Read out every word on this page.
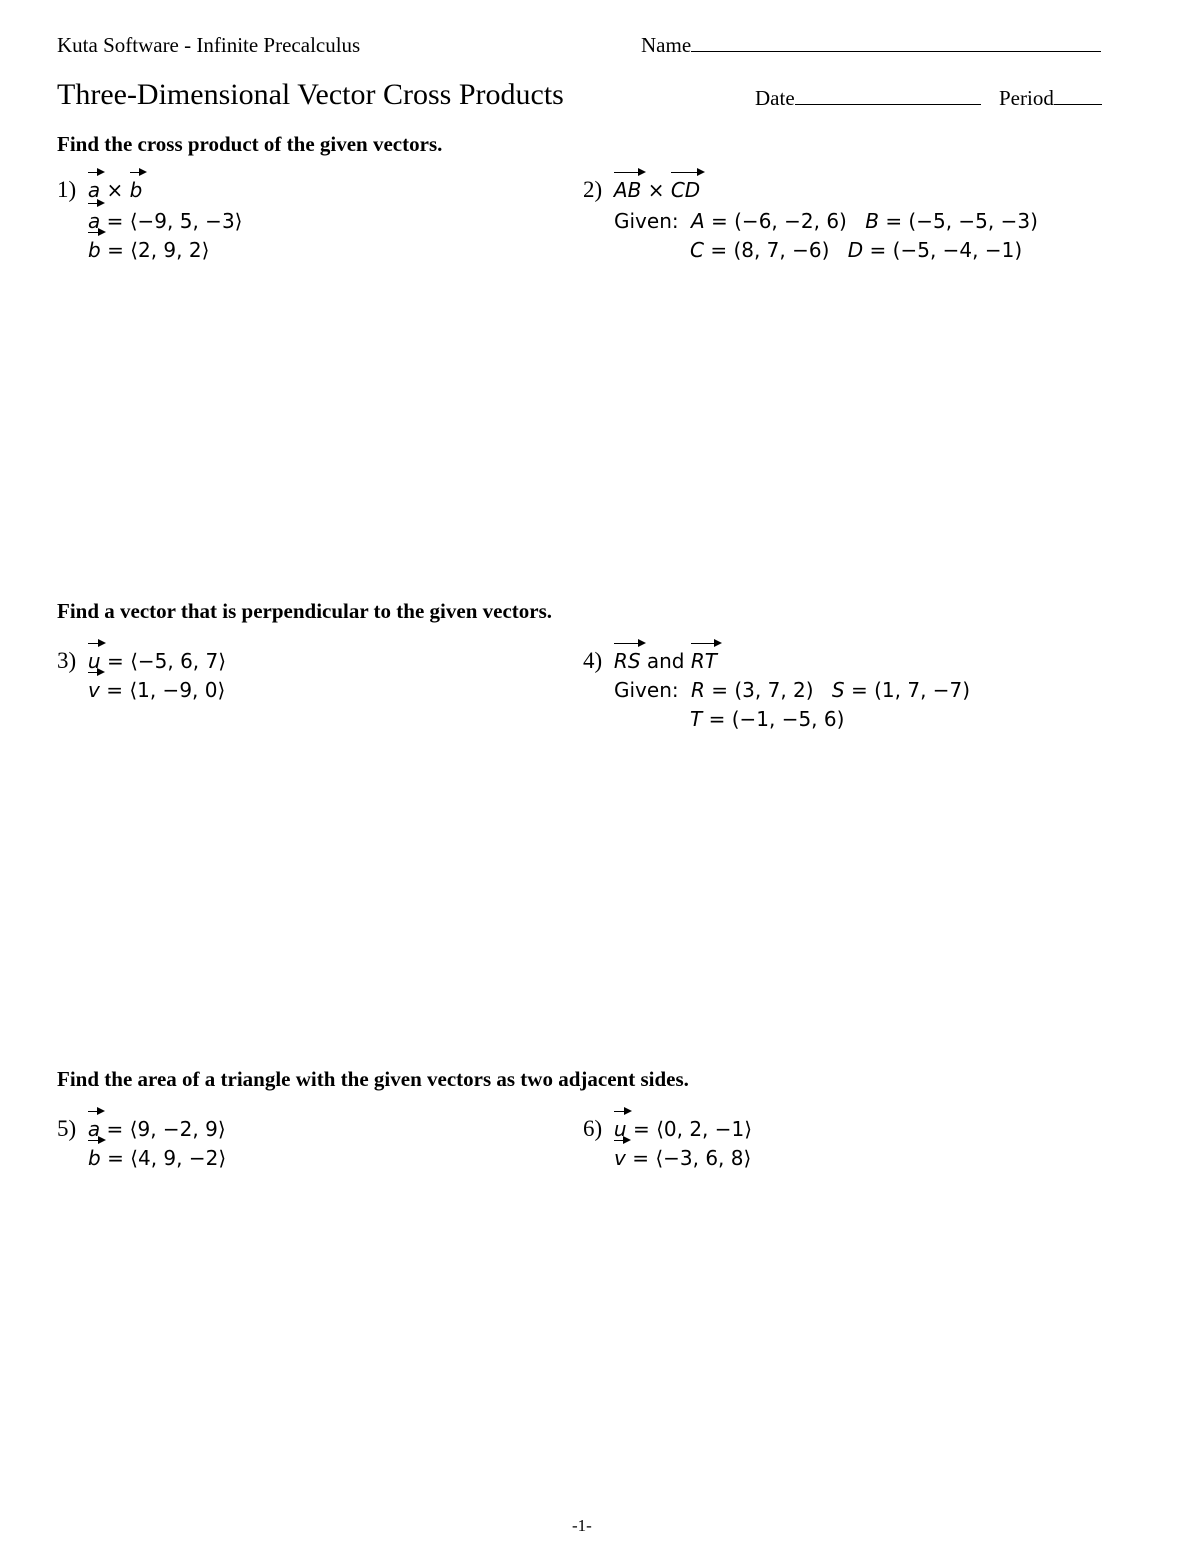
Kuta Software - Infinite Precalculus	Name
Three-Dimensional Vector Cross Products	Date	Period
Find the cross product of the given vectors.
1) a × b
a = ⟨−9, 5, −3⟩
b = ⟨2, 9, 2⟩
2) AB × CD
Given: A = (−6, −2, 6) B = (−5, −5, −3)
C = (8, 7, −6) D = (−5, −4, −1)
Find a vector that is perpendicular to the given vectors.
3) u = ⟨−5, 6, 7⟩
v = ⟨1, −9, 0⟩
4) RS and RT
Given: R = (3, 7, 2) S = (1, 7, −7)
T = (−1, −5, 6)
Find the area of a triangle with the given vectors as two adjacent sides.
5) a = ⟨9, −2, 9⟩
b = ⟨4, 9, −2⟩
6) u = ⟨0, 2, −1⟩
v = ⟨−3, 6, 8⟩
-1-
